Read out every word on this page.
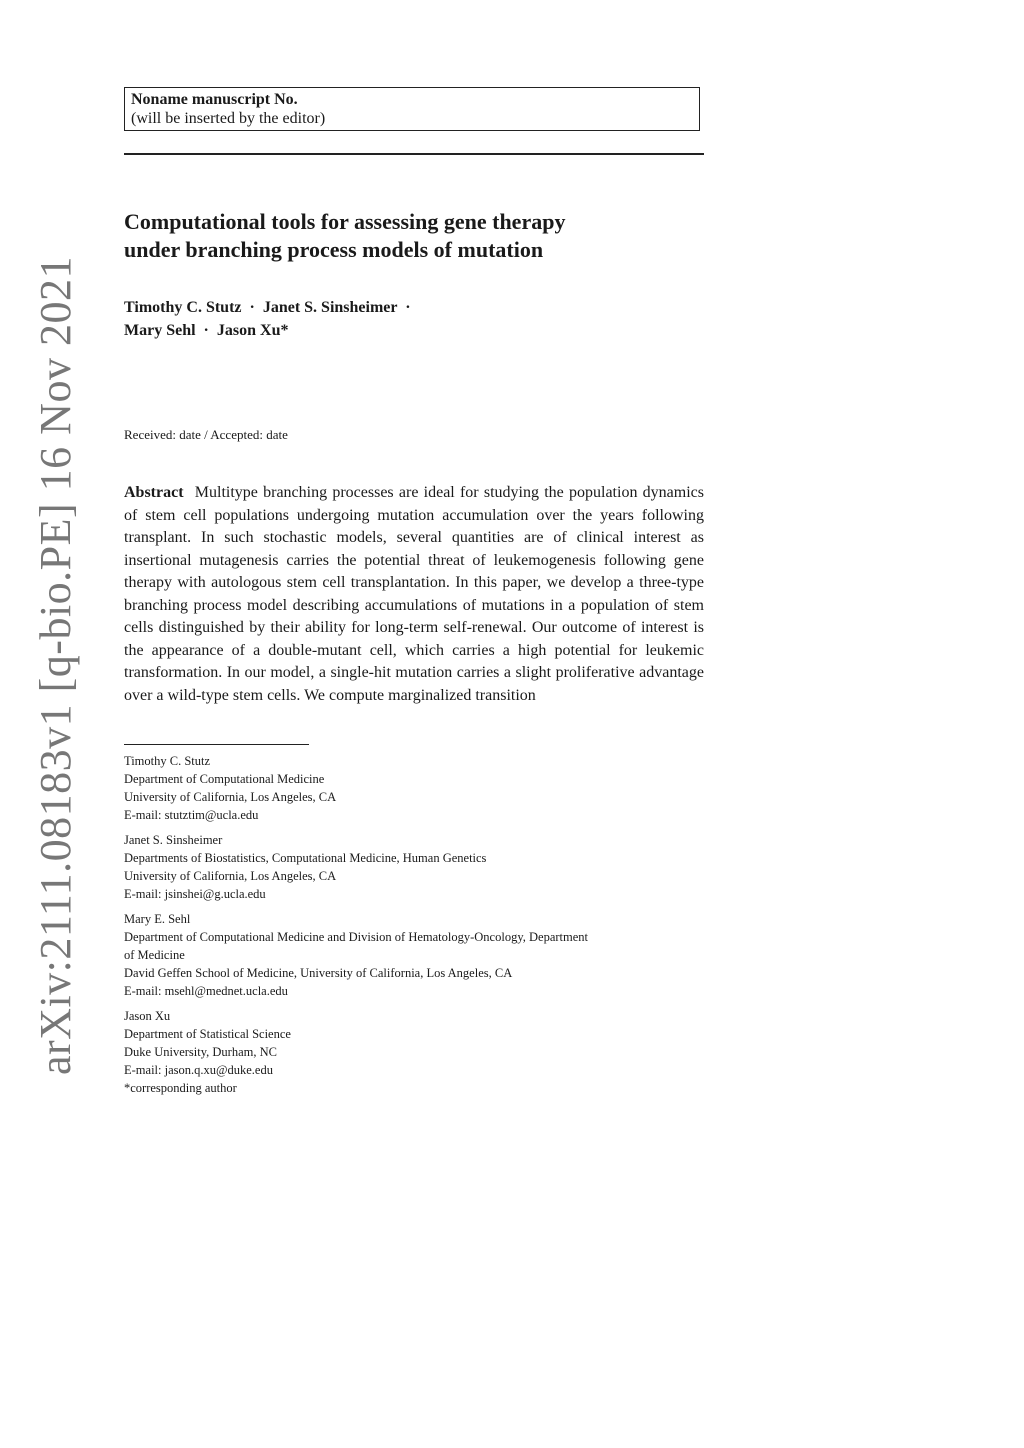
arXiv:2111.08183v1 [q-bio.PE] 16 Nov 2021
Noname manuscript No.
(will be inserted by the editor)
Computational tools for assessing gene therapy
under branching process models of mutation
Timothy C. Stutz  ·  Janet S. Sinsheimer  ·
Mary Sehl  ·  Jason Xu*
Received: date / Accepted: date
Abstract Multitype branching processes are ideal for studying the population dynamics of stem cell populations undergoing mutation accumulation over the years following transplant. In such stochastic models, several quantities are of clinical interest as insertional mutagenesis carries the potential threat of leukemogenesis following gene therapy with autologous stem cell transplantation. In this paper, we develop a three-type branching process model describing accumulations of mutations in a population of stem cells distinguished by their ability for long-term self-renewal. Our outcome of interest is the appearance of a double-mutant cell, which carries a high potential for leukemic transformation. In our model, a single-hit mutation carries a slight proliferative advantage over a wild-type stem cells. We compute marginalized transition
Timothy C. Stutz
Department of Computational Medicine
University of California, Los Angeles, CA
E-mail: stutztim@ucla.edu
Janet S. Sinsheimer
Departments of Biostatistics, Computational Medicine, Human Genetics
University of California, Los Angeles, CA
E-mail: jsinshei@g.ucla.edu
Mary E. Sehl
Department of Computational Medicine and Division of Hematology-Oncology, Department
of Medicine
David Geffen School of Medicine, University of California, Los Angeles, CA
E-mail: msehl@mednet.ucla.edu
Jason Xu
Department of Statistical Science
Duke University, Durham, NC
E-mail: jason.q.xu@duke.edu
*corresponding author
